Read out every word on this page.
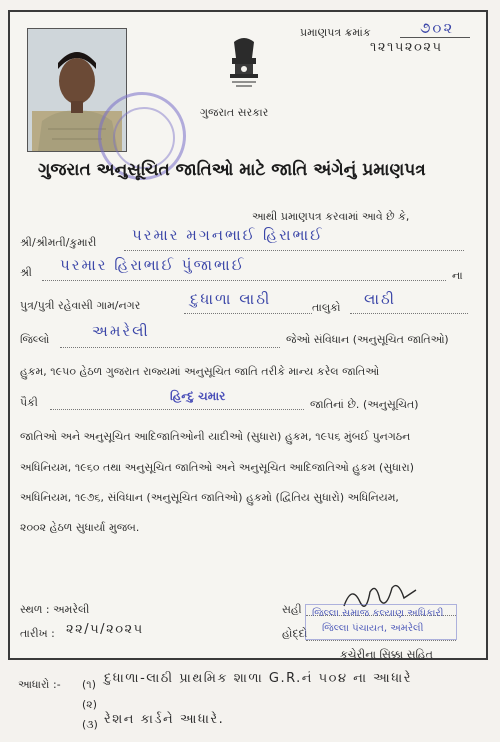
પ્રમાણપત્ર ક્રમાંક	૭૦૨
૧૨૧૫૨૦૨૫
ગુજરાત સરકાર
ગુજરાત અનુસૂચિત જાતિઓ માટે જાતિ અંગેનું પ્રમાણપત્ર
આથી પ્રમાણપત્ર કરવામાં આવે છે કે,
શ્રી/શ્રીમતી/કુમારી પરમાર મગનભાઈ હિરાભાઈ
શ્રી પરમાર હિરાભાઈ પુંજાભાઈ
ના
પુત્ર/પુત્રી રહેવાસી ગામ/નગર	દુધાળા લાઠી	તાલુકો લાઠી
જિલ્લો	અમરેલી	જેઓ સંવિધાન (અનુસૂચિત જાતિઓ)
હુકમ, ૧૯૫૦ હેઠળ ગુજરાત રાજ્યમાં અનુસૂચિત જાતિ તરીકે માન્ય કરેલ જાતિઓ
પૈકી	હિન્દુ ચમાર
જાતિનાં છે. (અનુસૂચિત)
જાતિઓ અને અનુસૂચિત આદિજાતિઓની યાદીઓ (સુધારા) હુકમ, ૧૯૫૬ મુંબઈ પુનગઠન
અધિનિયમ, ૧૯૬૦ તથા અનુસૂચિત જાતિઓ અને અનુસૂચિત આદિજાતિઓ હુકમ (સુધારા)
અધિનિયમ, ૧૯૭૬, સંવિધાન (અનુસૂચિત જાતિઓ) હુકમો (દ્વિતિય સુધારો) અધિનિયમ,
૨૦૦૨ હેઠળ સુધાર્યા મુજબ.
સ્થળ : અમરેલી
તારીખ : ૨૨/૫/૨૦૨૫
સહી
હોદ્દો
જિલ્લા સમાજ કલ્યાણ અધિકારી
જિલ્લા પંચાયત, અમરેલી
કચેરીના સિક્કા સહિત
આધારો :- (૧) દુધાળા-લાઠી પ્રાથમિક શાળા G.R.નં ૫૦૪ ના આધારે
(૨)
(૩) રેશન કાર્ડને આધારે.
